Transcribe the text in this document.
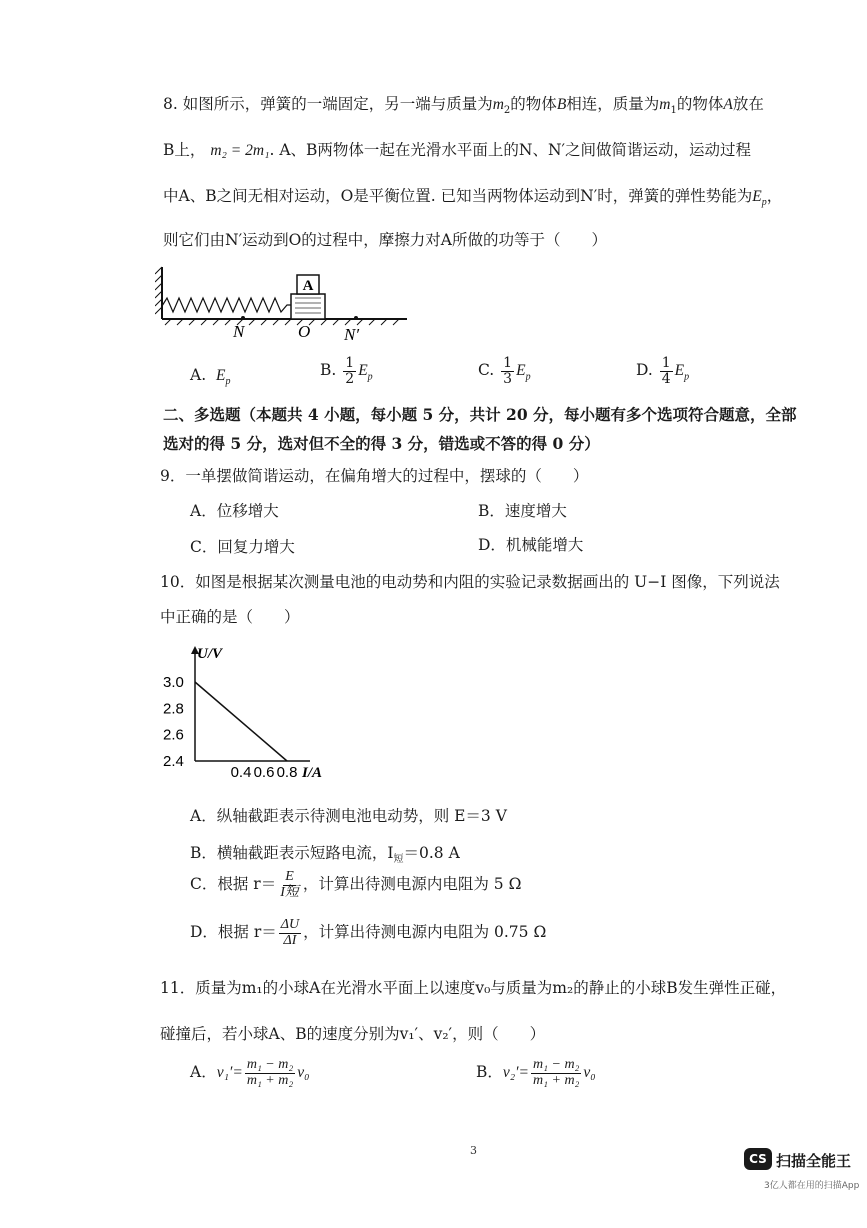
8. 如图所示，弹簧的一端固定，另一端与质量为$m_2$的物体B相连，质量为$m_1$的物体A放在
B上， m₂ = 2m₁. A、B两物体一起在光滑水平面上的N、N′之间做简谐运动，运动过程
中A、B之间无相对运动，O是平衡位置. 已知当两物体运动到N′时，弹簧的弹性势能为$E_p$，
则它们由N′运动到O的过程中，摩擦力对A所做的功等于（　　）
A
N	O N′
A. $E_p$
B. $\frac{1}{2} E_p$	C. $\frac{1}{3} E_p$	D. $\frac{1}{4} E_p$
二、多选题（本题共 4 小题，每小题 5 分，共计 20 分，每小题有多个选项符合题意，全部
选对的得 5 分，选对但不全的得 3 分，错选或不答的得 0 分）
9．一单摆做简谐运动，在偏角增大的过程中，摆球的（　　）
A．位移增大	B．速度增大
C．回复力增大	D．机械能增大
10．如图是根据某次测量电池的电动势和内阻的实验记录数据画出的 U−I 图像，下列说法
中正确的是（　　）
U/V
I/A
3.0
2.8
2.6
2.4
0.4 0.6 0.8
A．纵轴截距表示待测电池电动势，则 E＝3 V
B．横轴截距表示短路电流，$I_短=0.8$ A
C．根据 $r= \frac{E}{\text{I短}}$ ，计算出待测电源内电阻为 5 Ω
D．根据 $r= \frac{\Delta U}{\Delta I}$ ，计算出待测电源内电阻为 0.75 Ω
11．质量为m₁的小球A在光滑水平面上以速度v₀与质量为m₂的静止的小球B发生弹性正碰，
碰撞后，若小球A、B的速度分别为v₁′、v₂′，则（　　）
A．$v_1'= \frac{\text{m₁ − m₂}}{\text{m₁ + m₂}} v_0$	B．$v_2'= \frac{\text{m₁ − m₂}}{\text{m₁ + m₂}} v_0$
3
CS 扫描全能王
3亿人都在用的扫描App
